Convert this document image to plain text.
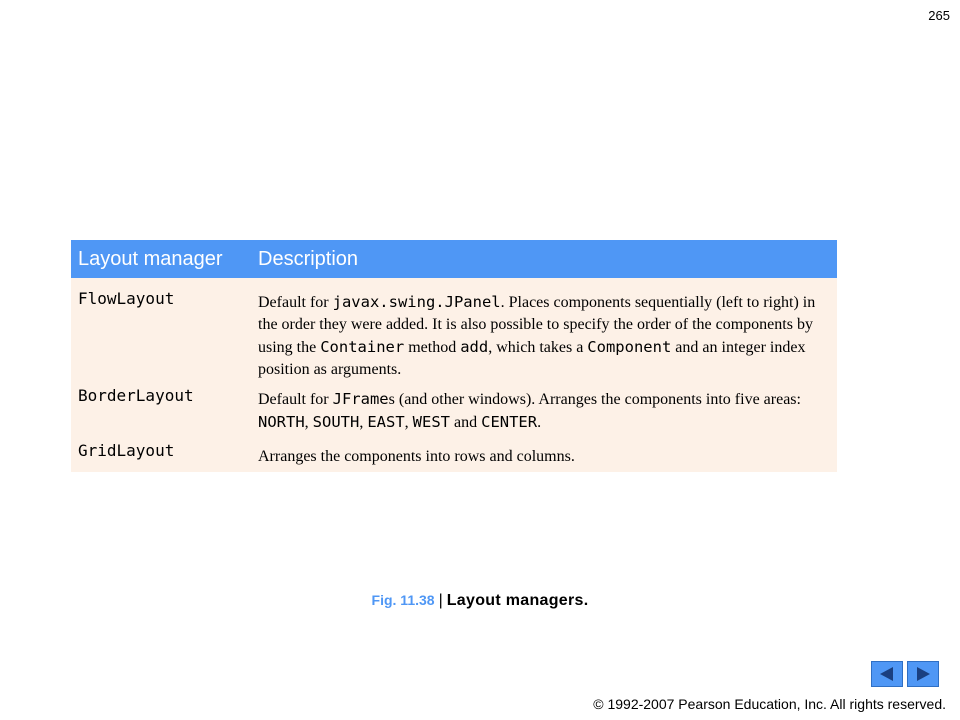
265
Layout manager	Description
FlowLayout	Default for javax.swing.JPanel. Places components sequentially (left to right) in the order they were added. It is also possible to specify the order of the components by using the Container method add, which takes a Component and an integer index position as arguments.
BorderLayout	Default for JFrames (and other windows). Arranges the components into five areas: NORTH, SOUTH, EAST, WEST and CENTER.
GridLayout	Arranges the components into rows and columns.
Fig. 11.38 | Layout managers.
© 1992-2007 Pearson Education, Inc. All rights reserved.
